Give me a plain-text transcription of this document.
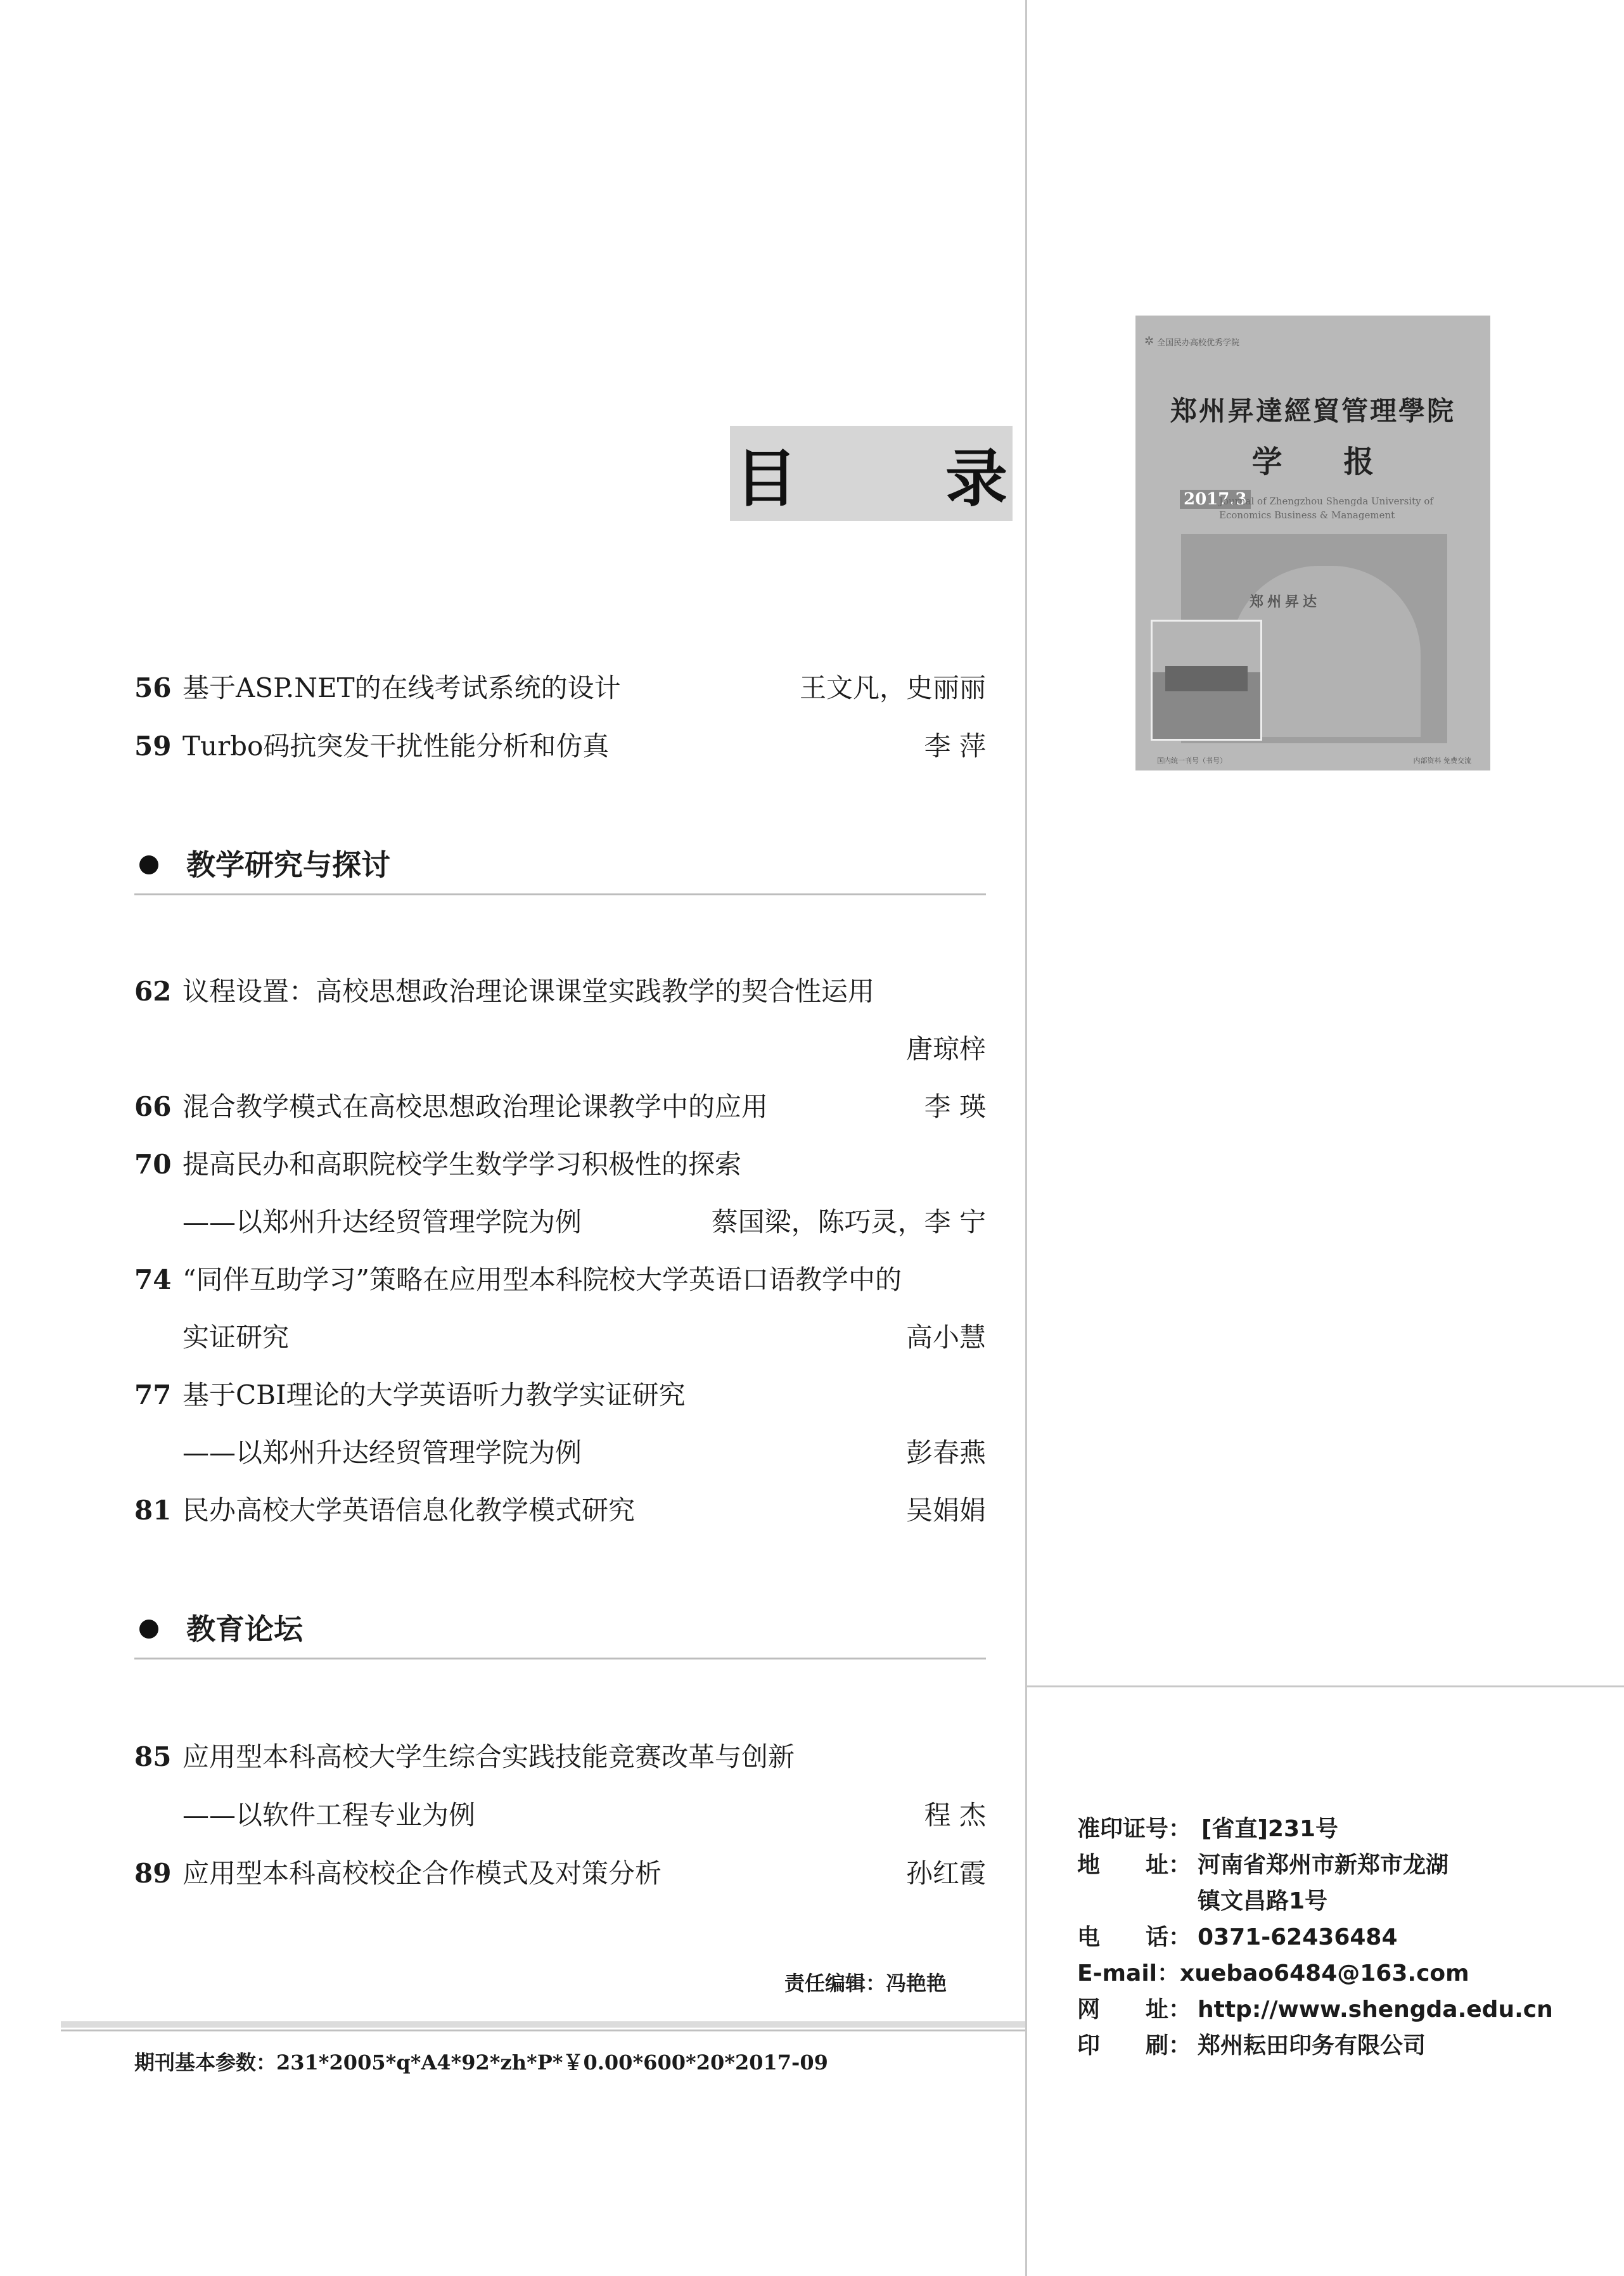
目 录
✲ 全国民办高校优秀学院
郑州昇達經貿管理學院
学 报
2017.3
Journal of Zhengzhou Shengda University of
Economics Business & Management
郑州昇达
国内统一刊号（书号）	内部资料 免费交流
56 基于ASP.NET的在线考试系统的设计	王文凡，史丽丽
59 Turbo码抗突发干扰性能分析和仿真	李 萍
教学研究与探讨
62 议程设置：高校思想政治理论课课堂实践教学的契合性运用
唐琼梓
66 混合教学模式在高校思想政治理论课教学中的应用	李 瑛
70 提高民办和高职院校学生数学学习积极性的探索
——以郑州升达经贸管理学院为例	蔡国梁，陈巧灵，李 宁
74 “同伴互助学习”策略在应用型本科院校大学英语口语教学中的
实证研究	高小慧
77 基于CBI理论的大学英语听力教学实证研究
——以郑州升达经贸管理学院为例	彭春燕
81 民办高校大学英语信息化教学模式研究	吴娟娟
教育论坛
85 应用型本科高校大学生综合实践技能竞赛改革与创新
——以软件工程专业为例	程 杰
89 应用型本科高校校企合作模式及对策分析	孙红霞
责任编辑：冯艳艳
期刊基本参数：231*2005*q*A4*92*zh*P*￥0.00*600*20*2017-09
准印证号： [省直]231号
地　　址： 河南省郑州市新郑市龙湖
镇文昌路1号
电　　话： 0371-62436484
E-mail： xuebao6484@163.com
网　　址： http://www.shengda.edu.cn
印　　刷： 郑州耘田印务有限公司
